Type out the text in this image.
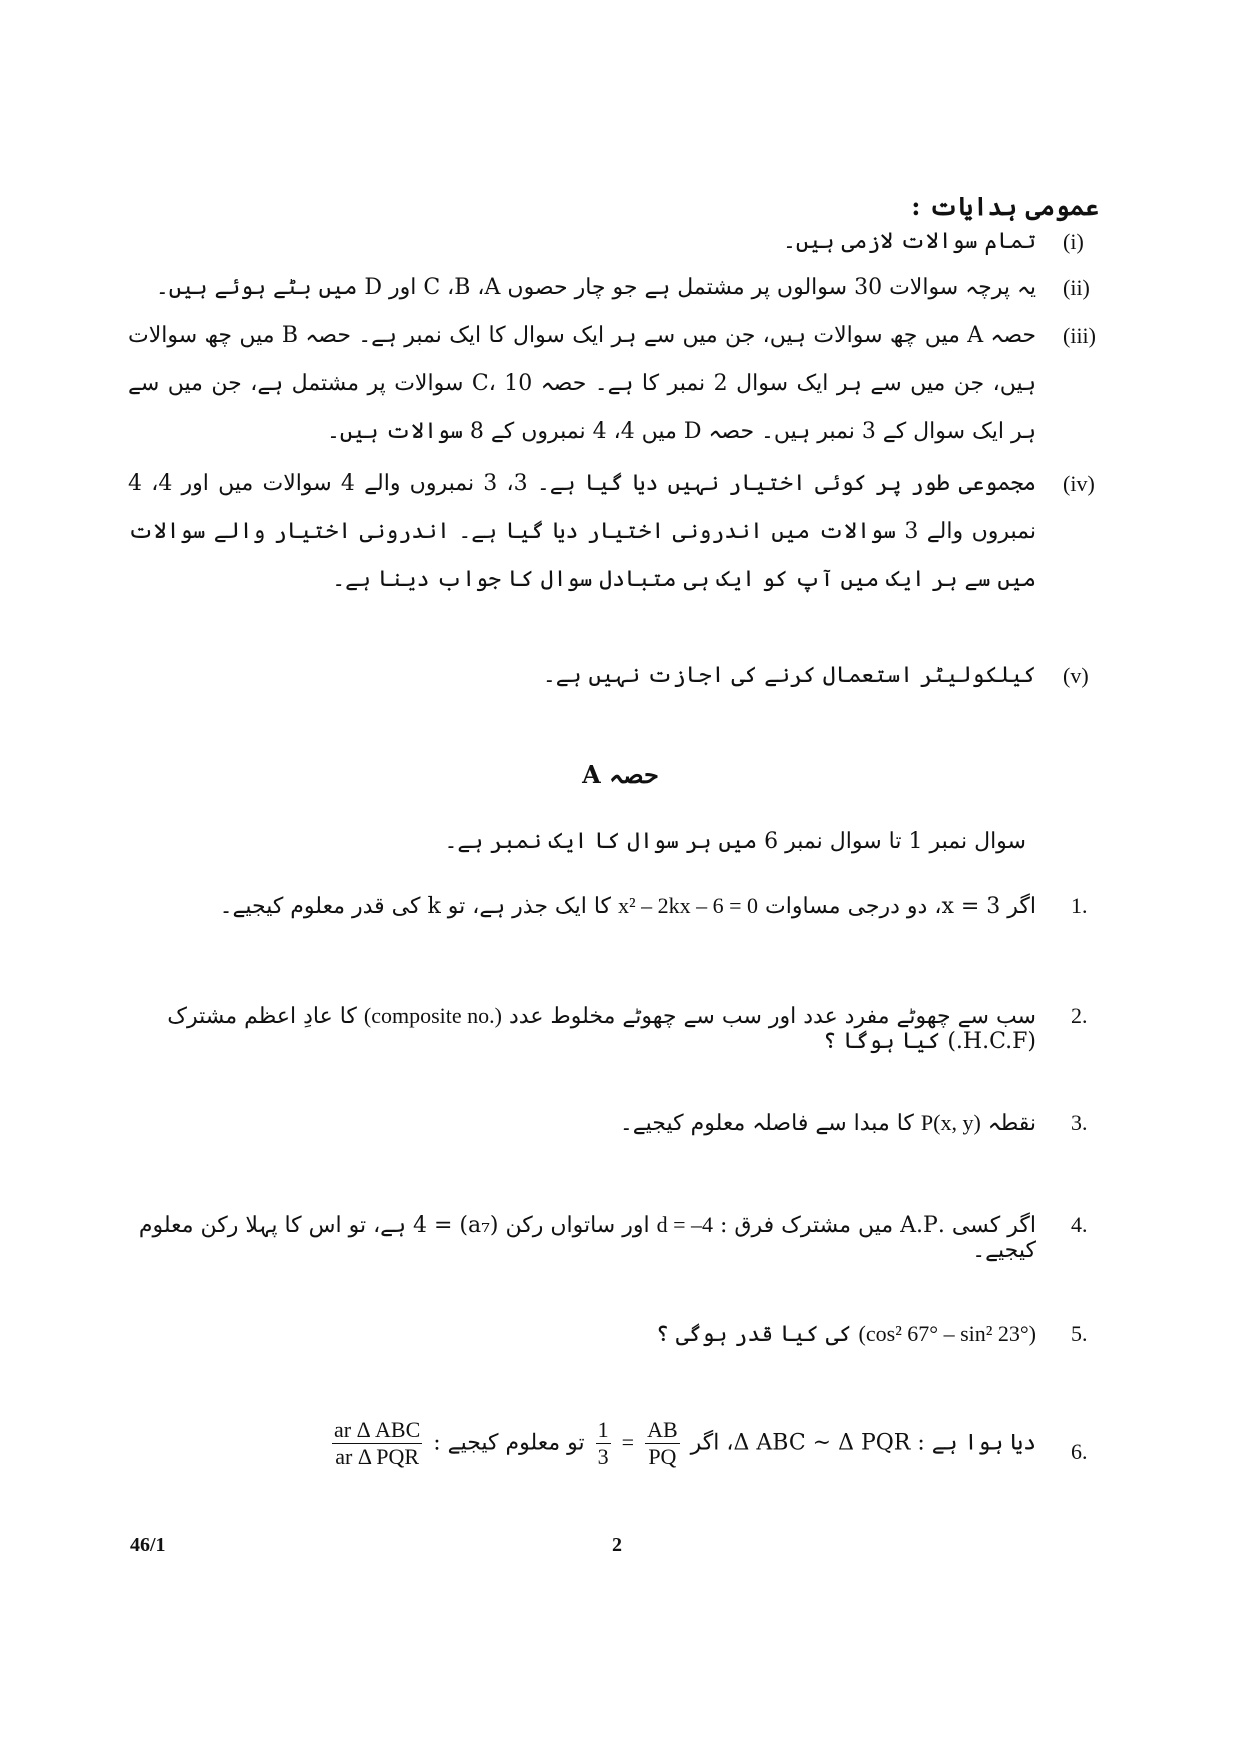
عمومی ہدایات :
(i)
تمام سوالات لازمی ہیں۔
(ii)
یہ پرچہ سوالات 30 سوالوں پر مشتمل ہے جو چار حصوں C ،B ،A اور D میں بٹے ہوئے ہیں۔
(iii)
حصہ A میں چھ سوالات ہیں، جن میں سے ہر ایک سوال کا ایک نمبر ہے۔ حصہ B میں چھ سوالات ہیں، جن میں سے ہر ایک سوال 2 نمبر کا ہے۔ حصہ C، 10 سوالات پر مشتمل ہے، جن میں سے ہر ایک سوال کے 3 نمبر ہیں۔ حصہ D میں 4، 4 نمبروں کے 8 سوالات ہیں۔
(iv)
مجموعی طور پر کوئی اختیار نہیں دیا گیا ہے۔ 3، 3 نمبروں والے 4 سوالات میں اور 4، 4 نمبروں والے 3 سوالات میں اندرونی اختیار دیا گیا ہے۔ اندرونی اختیار والے سوالات میں سے ہر ایک میں آپ کو ایک ہی متبادل سوال کا جواب دینا ہے۔
(v)
کیلکولیٹر استعمال کرنے کی اجازت نہیں ہے۔
حصہ A
سوال نمبر 1 تا سوال نمبر 6 میں ہر سوال کا ایک نمبر ہے۔
1.
اگر x = 3، دو درجی مساوات x² – 2kx – 6 = 0 کا ایک جذر ہے، تو k کی قدر معلوم کیجیے۔
2.
سب سے چھوٹے مفرد عدد اور سب سے چھوٹے مخلوط عدد (composite no.) کا عادِ اعظم مشترک (H.C.F.) کیا ہوگا ؟
3.
نقطہ P(x, y) کا مبدا سے فاصلہ معلوم کیجیے۔
4.
اگر کسی .A.P میں مشترک فرق : d = –4 اور ساتواں رکن (a₇) = 4 ہے، تو اس کا پہلا رکن معلوم کیجیے۔
5.
(cos² 67° – sin² 23°) کی کیا قدر ہوگی ؟
6.
دیا ہوا ہے : Δ ABC ~ Δ PQR، اگر
$\frac{AB}{PQ}$
=
$\frac{1}{3}$
تو معلوم کیجیے :
$\frac{\text{ar Δ ABC}}{\text{ar Δ PQR}}$
46/1	2
